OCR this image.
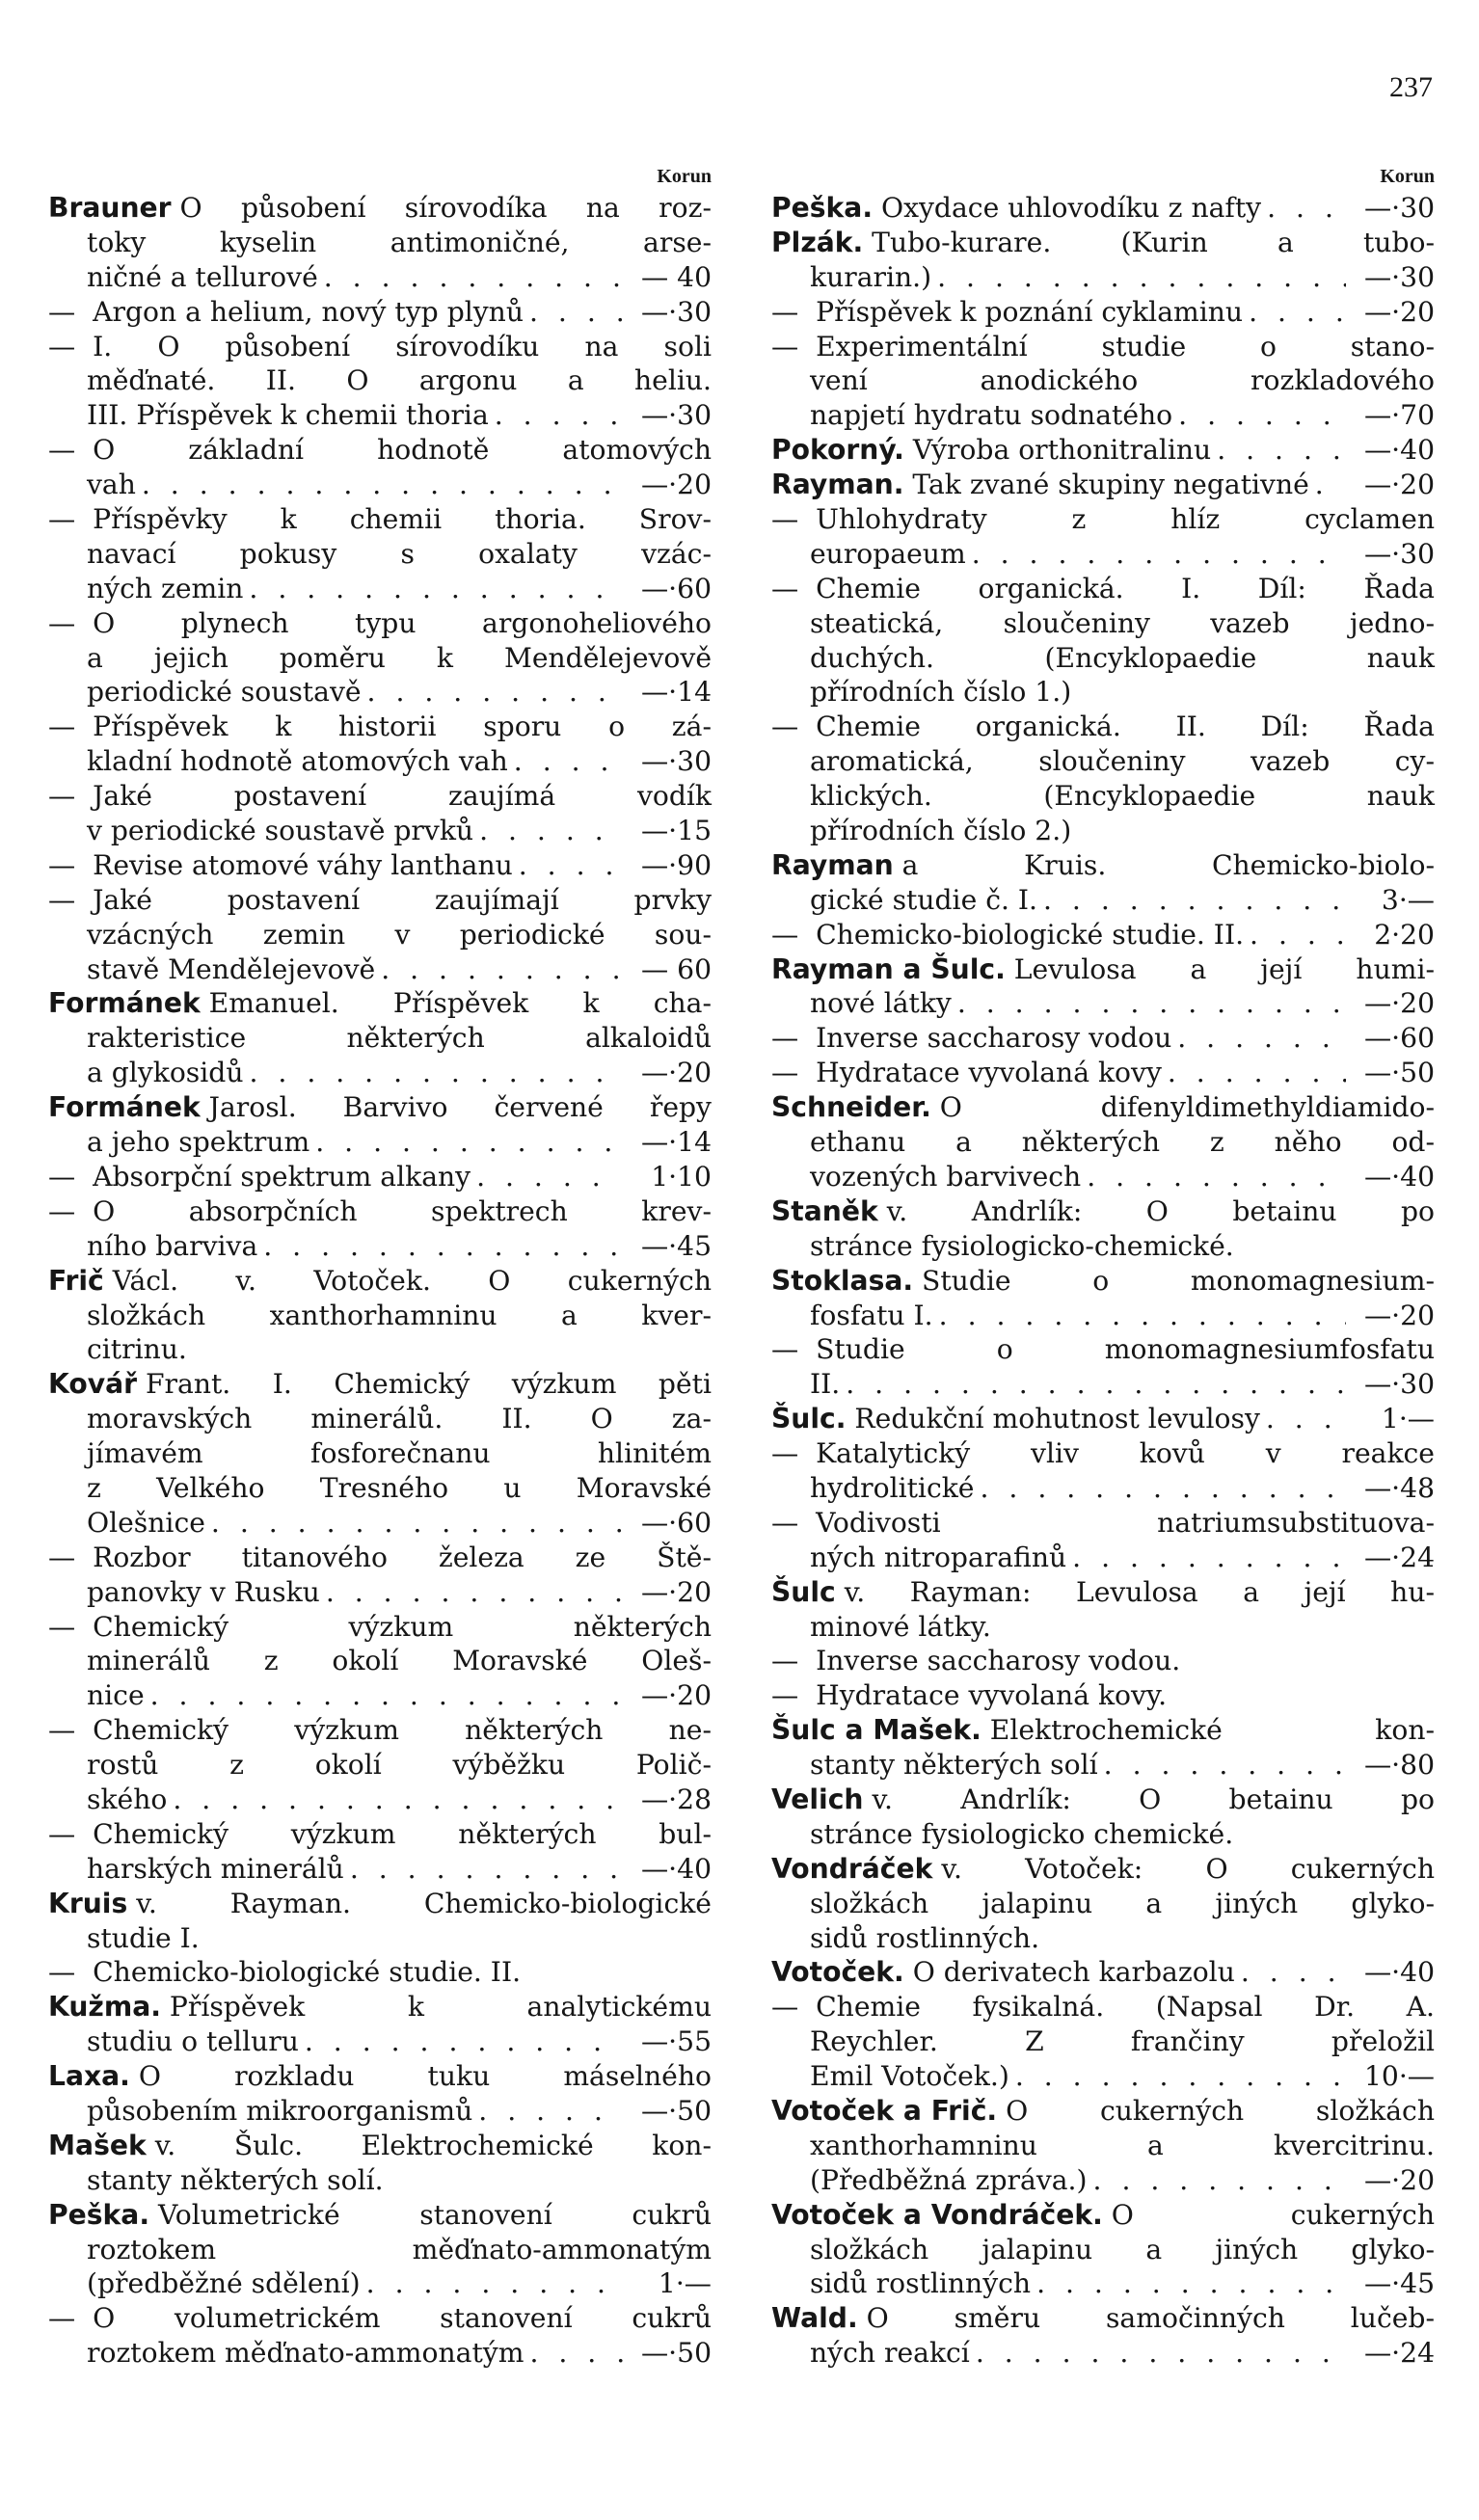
237
Korun
Brauner
O působení sírovodíka na roz-
toky kyselin antimoničné, arse-
ničné a tellurové . . .	— 40
— Argon a helium, nový typ plynů . . .	—·30
— I. O působení sírovodíku na soli
měďnaté. II. O argonu a heliu.
III. Příspěvek k chemii thoria . . .	—·30
— O základní hodnotě atomových
vah . . .	—·20
— Příspěvky k chemii thoria. Srov-
navací pokusy s oxalaty vzác-
ných zemin . . .	—·60
— O plynech typu argonoheliového
a jejich poměru k Mendělejevově
periodické soustavě . . .	—·14
— Příspěvek k historii sporu o zá-
kladní hodnotě atomových vah . . .	—·30
— Jaké postavení zaujímá vodík
v periodické soustavě prvků . . .	—·15
— Revise atomové váhy lanthanu . . .	—·90
— Jaké postavení zaujímají prvky
vzácných zemin v periodické sou-
stavě Mendělejevově . . .	— 60
Formánek
Emanuel. Příspěvek k cha-
rakteristice některých alkaloidů
a glykosidů . . .	—·20
Formánek
Jarosl. Barvivo červené řepy
a jeho spektrum . . .	—·14
— Absorpční spektrum alkany . . .	1·10
— O absorpčních spektrech krev-
ního barviva . . .	—·45
Frič
Václ. v. Votoček. O cukerných
složkách xanthorhamninu a kver-
citrinu.
Kovář
Frant. I. Chemický výzkum pěti
moravských minerálů. II. O za-
jímavém fosforečnanu hlinitém
z Velkého Tresného u Moravské
Olešnice . . .	—·60
— Rozbor titanového železa ze Ště-
panovky v Rusku . . .	—·20
— Chemický výzkum některých
minerálů z okolí Moravské Oleš-
nice . . .	—·20
— Chemický výzkum některých ne-
rostů z okolí výběžku Polič-
ského . . .	—·28
— Chemický výzkum některých bul-
harských minerálů . . .	—·40
Kruis
v. Rayman. Chemicko-biologické
studie I.
— Chemicko-biologické studie. II.
Kužma.
Příspěvek k analytickému
studiu o telluru . . .	—·55
Laxa.
O rozkladu tuku máselného
působením mikroorganismů . . .	—·50
Mašek
v. Šulc. Elektrochemické kon-
stanty některých solí.
Peška.
Volumetrické stanovení cukrů
roztokem měďnato-ammonatým
(předběžné sdělení) . . .	1·—
— O volumetrickém stanovení cukrů
roztokem měďnato-ammonatým . . .	—·50
Korun
Peška.
Oxydace uhlovodíku z nafty . . .	—·30
Plzák.
Tubo-kurare. (Kurin a tubo-
kurarin.) . . .	—·30
— Příspěvek k poznání cyklaminu . . .	—·20
— Experimentální studie o stano-
vení anodického rozkladového
napjetí hydratu sodnatého . . .	—·70
Pokorný.
Výroba orthonitralinu . . .	—·40
Rayman.
Tak zvané skupiny negativné . . .	—·20
— Uhlohydraty z hlíz cyclamen
europaeum . . .	—·30
— Chemie organická. I. Díl: Řada
steatická, sloučeniny vazeb jedno-
duchých. (Encyklopaedie nauk
přírodních číslo 1.)
— Chemie organická. II. Díl: Řada
aromatická, sloučeniny vazeb cy-
klických. (Encyklopaedie nauk
přírodních číslo 2.)
Rayman
a Kruis. Chemicko-biolo-
gické studie č. I. . . .	3·—
— Chemicko-biologické studie. II. . . .	2·20
Rayman a Šulc.
Levulosa a její humi-
nové látky . . .	—·20
— Inverse saccharosy vodou . . .	—·60
— Hydratace vyvolaná kovy . . .	—·50
Schneider.
O difenyldimethyldiamido-
ethanu a některých z něho od-
vozených barvivech . . .	—·40
Staněk
v. Andrlík: O betainu po
stránce fysiologicko-chemické.
Stoklasa.
Studie o monomagnesium-
fosfatu I. . . .	—·20
— Studie o monomagnesiumfosfatu
II. . . .	—·30
Šulc.
Redukční mohutnost levulosy . . .	1·—
— Katalytický vliv kovů v reakce
hydrolitické . . .	—·48
— Vodivosti natriumsubstituova-
ných nitroparafinů . . .	—·24
Šulc
v. Rayman: Levulosa a její hu-
minové látky.
— Inverse saccharosy vodou.
— Hydratace vyvolaná kovy.
Šulc a Mašek.
Elektrochemické kon-
stanty některých solí . . .	—·80
Velich
v. Andrlík: O betainu po
stránce fysiologicko chemické.
Vondráček
v. Votoček: O cukerných
složkách jalapinu a jiných glyko-
sidů rostlinných.
Votoček.
O derivatech karbazolu . . .	—·40
— Chemie fysikalná. (Napsal Dr. A.
Reychler. Z frančiny přeložil
Emil Votoček.) . . .	10·—
Votoček a Frič.
O cukerných složkách
xanthorhamninu a kvercitrinu.
(Předběžná zpráva.) . . .	—·20
Votoček a Vondráček.
O cukerných
složkách jalapinu a jiných glyko-
sidů rostlinných . . .	—·45
Wald.
O směru samočinných lučeb-
ných reakcí . . .	—·24
